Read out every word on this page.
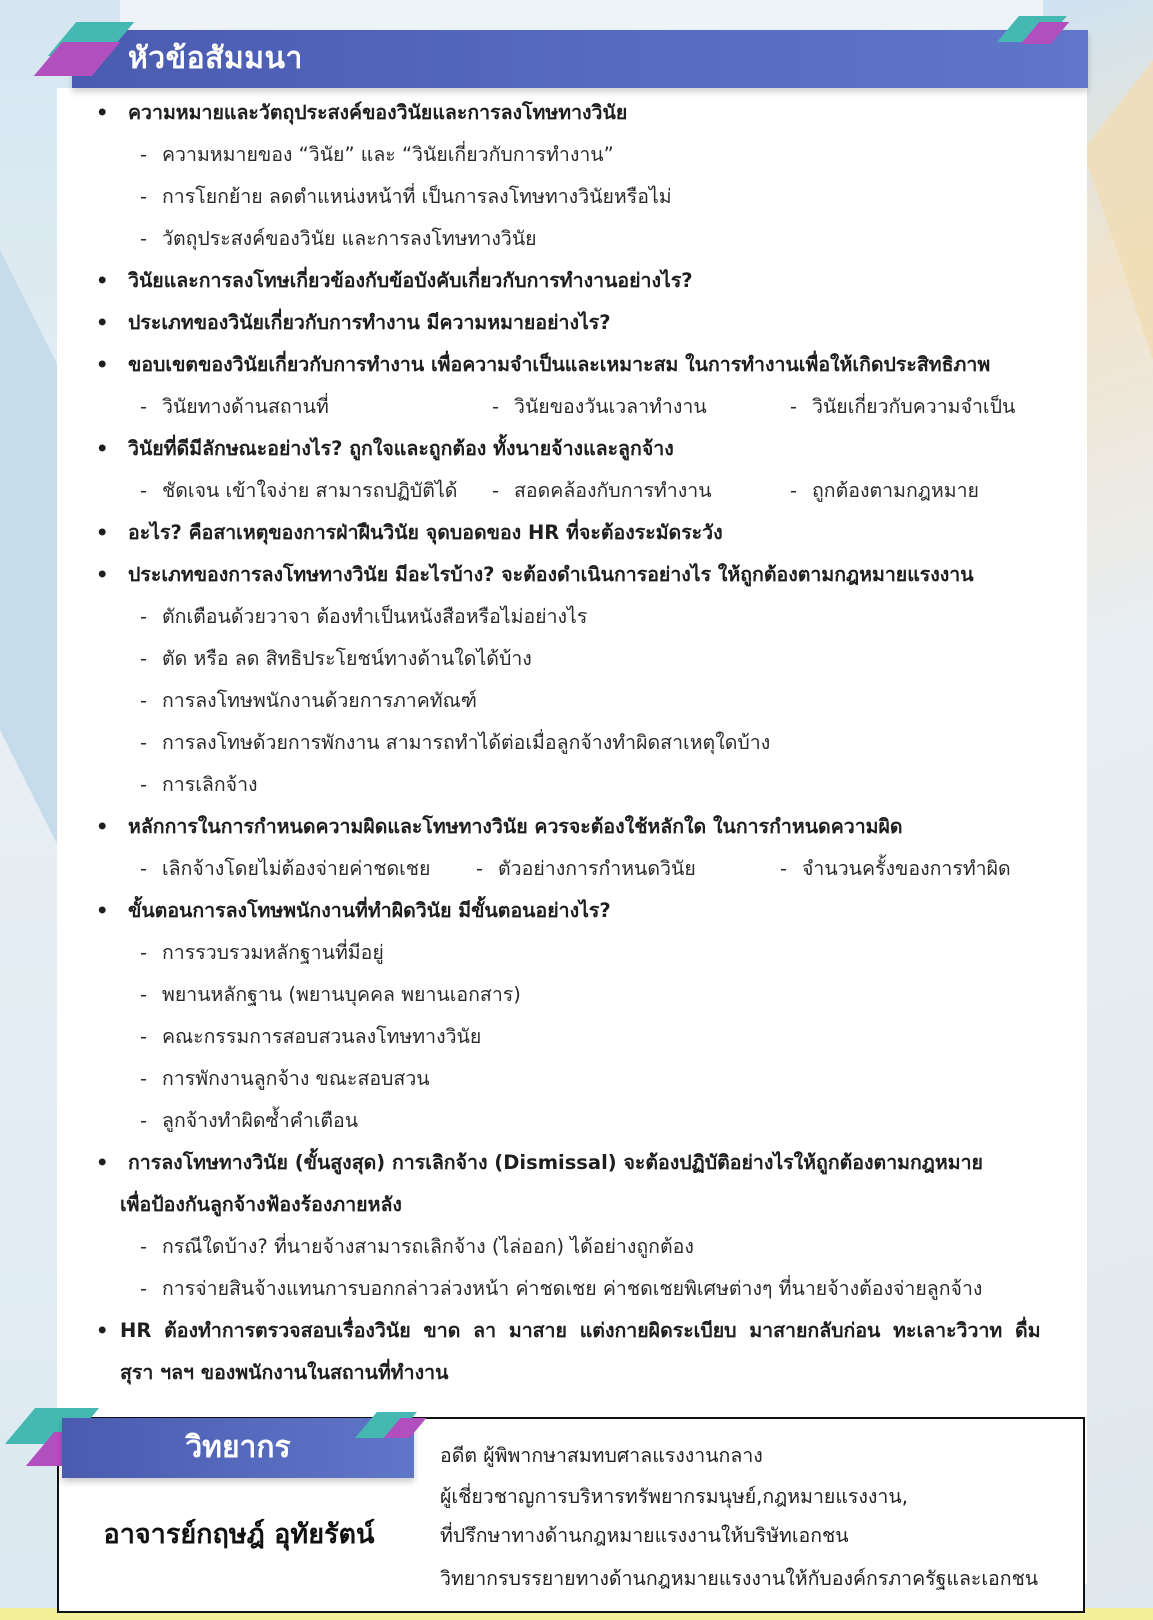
หัวข้อสัมมนา
•	ความหมายและวัตถุประสงค์ของวินัยและการลงโทษทางวินัย
- ความหมายของ “วินัย” และ “วินัยเกี่ยวกับการทำงาน”
- การโยกย้าย ลดตำแหน่งหน้าที่ เป็นการลงโทษทางวินัยหรือไม่
- วัตถุประสงค์ของวินัย และการลงโทษทางวินัย
•	วินัยและการลงโทษเกี่ยวข้องกับข้อบังคับเกี่ยวกับการทำงานอย่างไร?
•	ประเภทของวินัยเกี่ยวกับการทำงาน มีความหมายอย่างไร?
•	ขอบเขตของวินัยเกี่ยวกับการทำงาน เพื่อความจำเป็นและเหมาะสม ในการทำงานเพื่อให้เกิดประสิทธิภาพ
- วินัยทางด้านสถานที่	- วินัยของวันเวลาทำงาน	- วินัยเกี่ยวกับความจำเป็น
•	วินัยที่ดีมีลักษณะอย่างไร? ถูกใจและถูกต้อง ทั้งนายจ้างและลูกจ้าง
- ชัดเจน เข้าใจง่าย สามารถปฏิบัติได้ - สอดคล้องกับการทำงาน	- ถูกต้องตามกฎหมาย
•	อะไร? คือสาเหตุของการฝ่าฝืนวินัย จุดบอดของ HR ที่จะต้องระมัดระวัง
•	ประเภทของการลงโทษทางวินัย มีอะไรบ้าง? จะต้องดำเนินการอย่างไร ให้ถูกต้องตามกฎหมายแรงงาน
- ตักเตือนด้วยวาจา ต้องทำเป็นหนังสือหรือไม่อย่างไร
- ตัด หรือ ลด สิทธิประโยชน์ทางด้านใดได้บ้าง
- การลงโทษพนักงานด้วยการภาคทัณฑ์
- การลงโทษด้วยการพักงาน สามารถทำได้ต่อเมื่อลูกจ้างทำผิดสาเหตุใดบ้าง
- การเลิกจ้าง
•	หลักการในการกำหนดความผิดและโทษทางวินัย ควรจะต้องใช้หลักใด ในการกำหนดความผิด
- เลิกจ้างโดยไม่ต้องจ่ายค่าชดเชย - ตัวอย่างการกำหนดวินัย	- จำนวนครั้งของการทำผิด
•	ขั้นตอนการลงโทษพนักงานที่ทำผิดวินัย มีขั้นตอนอย่างไร?
- การรวบรวมหลักฐานที่มีอยู่
- พยานหลักฐาน (พยานบุคคล พยานเอกสาร)
- คณะกรรมการสอบสวนลงโทษทางวินัย
- การพักงานลูกจ้าง ขณะสอบสวน
- ลูกจ้างทำผิดซ้ำคำเตือน
•	การลงโทษทางวินัย (ขั้นสูงสุด) การเลิกจ้าง (Dismissal) จะต้องปฏิบัติอย่างไรให้ถูกต้องตามกฎหมาย
เพื่อป้องกันลูกจ้างฟ้องร้องภายหลัง
- กรณีใดบ้าง? ที่นายจ้างสามารถเลิกจ้าง (ไล่ออก) ได้อย่างถูกต้อง
- การจ่ายสินจ้างแทนการบอกกล่าวล่วงหน้า ค่าชดเชย ค่าชดเชยพิเศษต่างๆ ที่นายจ้างต้องจ่ายลูกจ้าง
• HR ต้องทำการตรวจสอบเรื่องวินัย ขาด ลา มาสาย แต่งกายผิดระเบียบ มาสายกลับก่อน ทะเลาะวิวาท ดื่ม
สุรา ฯลฯ ของพนักงานในสถานที่ทำงาน
วิทยากร
อาจารย์กฤษฎ์ อุทัยรัตน์
อดีต ผู้พิพากษาสมทบศาลแรงงานกลาง
ผู้เชี่ยวชาญการบริหารทรัพยากรมนุษย์,กฎหมายแรงงาน,
ที่ปรึกษาทางด้านกฎหมายแรงงานให้บริษัทเอกชน
วิทยากรบรรยายทางด้านกฎหมายแรงงานให้กับองค์กรภาครัฐและเอกชน
